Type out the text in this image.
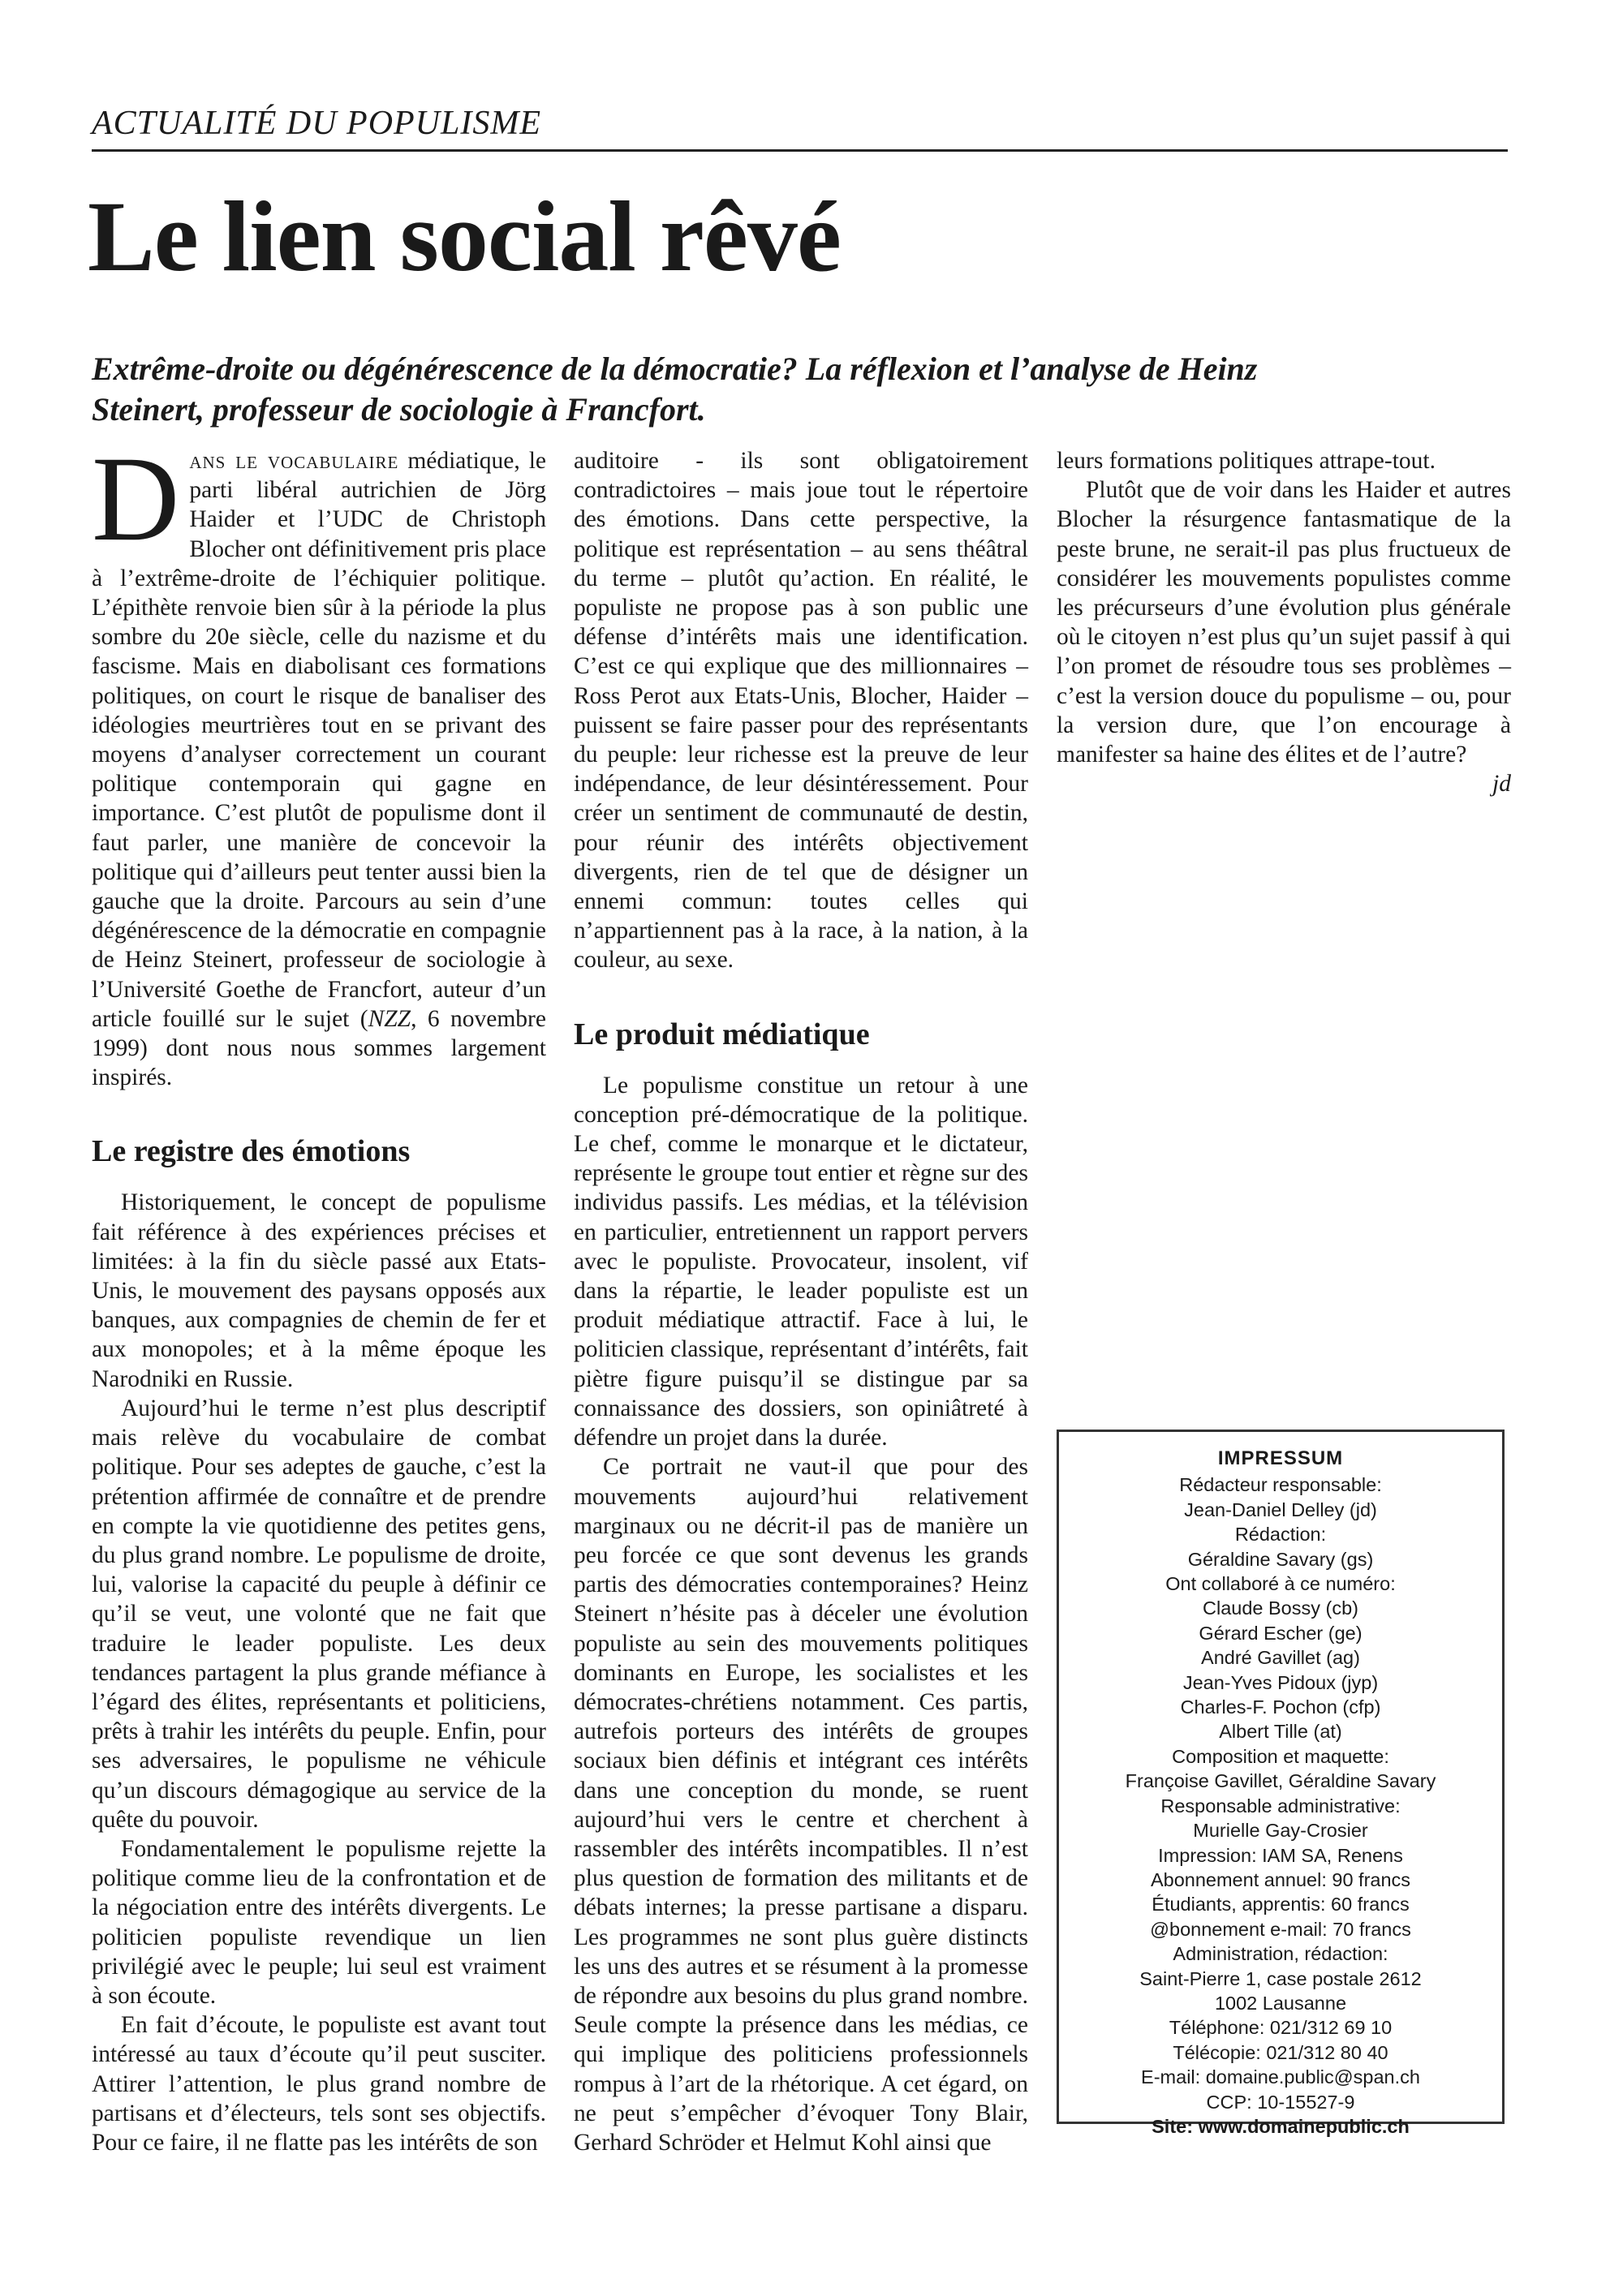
ACTUALITÉ DU POPULISME
Le lien social rêvé
Extrême-droite ou dégénérescence de la démocratie? La réflexion et l’analyse de Heinz Steinert, professeur de sociologie à Francfort.

Dans le vocabulaire médiatique, le parti libéral autrichien de Jörg Haider et l’UDC de Christoph Blocher ont définitivement pris place à l’extrême-droite de l’échiquier politique. L’épithète renvoie bien sûr à la période la plus sombre du 20e siècle, celle du nazisme et du fascisme. Mais en diabolisant ces formations politiques, on court le risque de banaliser des idéologies meurtrières tout en se privant des moyens d’analyser correctement un courant politique contemporain qui gagne en importance. C’est plutôt de populisme dont il faut parler, une manière de concevoir la politique qui d’ailleurs peut tenter aussi bien la gauche que la droite. Parcours au sein d’une dégénérescence de la démocratie en compagnie de Heinz Steinert, professeur de sociologie à l’Université Goethe de Francfort, auteur d’un article fouillé sur le sujet (NZZ, 6 novembre 1999) dont nous nous sommes largement inspirés.

Le registre des émotions

Historiquement, le concept de populisme fait référence à des expériences précises et limitées: à la fin du siècle passé aux Etats-Unis, le mouvement des paysans opposés aux banques, aux compagnies de chemin de fer et aux monopoles; et à la même époque les Narodniki en Russie.

Aujourd’hui le terme n’est plus descriptif mais relève du vocabulaire de combat politique. Pour ses adeptes de gauche, c’est la prétention affirmée de connaître et de prendre en compte la vie quotidienne des petites gens, du plus grand nombre. Le populisme de droite, lui, valorise la capacité du peuple à définir ce qu’il se veut, une volonté que ne fait que traduire le leader populiste. Les deux tendances partagent la plus grande méfiance à l’égard des élites, représentants et politiciens, prêts à trahir les intérêts du peuple. Enfin, pour ses adversaires, le populisme ne véhicule qu’un discours démagogique au service de la quête du pouvoir.

Fondamentalement le populisme rejette la politique comme lieu de la confrontation et de la négociation entre des intérêts divergents. Le politicien populiste revendique un lien privilégié avec le peuple; lui seul est vraiment à son écoute.

En fait d’écoute, le populiste est avant tout intéressé au taux d’écoute qu’il peut susciter. Attirer l’attention, le plus grand nombre de partisans et d’électeurs, tels sont ses objectifs. Pour ce faire, il ne flatte pas les intérêts de son

auditoire - ils sont obligatoirement contradictoires – mais joue tout le répertoire des émotions. Dans cette perspective, la politique est représentation – au sens théâtral du terme – plutôt qu’action. En réalité, le populiste ne propose pas à son public une défense d’intérêts mais une identification. C’est ce qui explique que des millionnaires – Ross Perot aux Etats-Unis, Blocher, Haider – puissent se faire passer pour des représentants du peuple: leur richesse est la preuve de leur indépendance, de leur désintéressement. Pour créer un sentiment de communauté de destin, pour réunir des intérêts objectivement divergents, rien de tel que de désigner un ennemi commun: toutes celles qui n’appartiennent pas à la race, à la nation, à la couleur, au sexe.

Le produit médiatique

Le populisme constitue un retour à une conception pré-démocratique de la politique. Le chef, comme le monarque et le dictateur, représente le groupe tout entier et règne sur des individus passifs. Les médias, et la télévision en particulier, entretiennent un rapport pervers avec le populiste. Provocateur, insolent, vif dans la répartie, le leader populiste est un produit médiatique attractif. Face à lui, le politicien classique, représentant d’intérêts, fait piètre figure puisqu’il se distingue par sa connaissance des dossiers, son opiniâtreté à défendre un projet dans la durée.

Ce portrait ne vaut-il que pour des mouvements aujourd’hui relativement marginaux ou ne décrit-il pas de manière un peu forcée ce que sont devenus les grands partis des démocraties contemporaines? Heinz Steinert n’hésite pas à déceler une évolution populiste au sein des mouvements politiques dominants en Europe, les socialistes et les démocrates-chrétiens notamment. Ces partis, autrefois porteurs des intérêts de groupes sociaux bien définis et intégrant ces intérêts dans une conception du monde, se ruent aujourd’hui vers le centre et cherchent à rassembler des intérêts incompatibles. Il n’est plus question de formation des militants et de débats internes; la presse partisane a disparu. Les programmes ne sont plus guère distincts les uns des autres et se résument à la promesse de répondre aux besoins du plus grand nombre. Seule compte la présence dans les médias, ce qui implique des politiciens professionnels rompus à l’art de la rhétorique. A cet égard, on ne peut s’empêcher d’évoquer Tony Blair, Gerhard Schröder et Helmut Kohl ainsi que

leurs formations politiques attrape-tout.

Plutôt que de voir dans les Haider et autres Blocher la résurgence fantasmatique de la peste brune, ne serait-il pas plus fructueux de considérer les mouvements populistes comme les précurseurs d’une évolution plus générale où le citoyen n’est plus qu’un sujet passif à qui l’on promet de résoudre tous ses problèmes – c’est la version douce du populisme – ou, pour la version dure, que l’on encourage à manifester sa haine des élites et de l’autre?
jd

IMPRESSUM
Rédacteur responsable:
Jean-Daniel Delley (jd)
Rédaction:
Géraldine Savary (gs)
Ont collaboré à ce numéro:
Claude Bossy (cb)
Gérard Escher (ge)
André Gavillet (ag)
Jean-Yves Pidoux (jyp)
Charles-F. Pochon (cfp)
Albert Tille (at)
Composition et maquette:
Françoise Gavillet, Géraldine Savary
Responsable administrative:
Murielle Gay-Crosier
Impression: IAM SA, Renens
Abonnement annuel: 90 francs
Étudiants, apprentis: 60 francs
@bonnement e-mail: 70 francs
Administration, rédaction:
Saint-Pierre 1, case postale 2612
1002 Lausanne
Téléphone: 021/312 69 10
Télécopie: 021/312 80 40
E-mail: domaine.public@span.ch
CCP: 10-15527-9
Site: www.domainepublic.ch
